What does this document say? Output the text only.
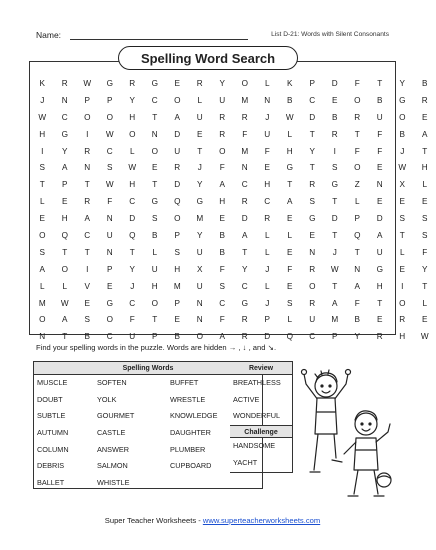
Name:	List D-21: Words with Silent Consonants
Spelling Word Search
K	R	W	G	R	G	E	R	Y	O	L	K	P	D	F	T	Y	B
J	N	P	P	Y	C	O	L	U	M	N	B	C	E	O	B	G	R
W	C	O	O	H	T	A	U	R	R	J	W	D	B	R	U	O	E
H	G	I	W	O	N	D	E	R	F	U	L	T	R	T	F	B	A
I	Y	R	C	L	O	U	T	O	M	F	H	Y	I	F	F	J	T
S	A	N	S	W	E	R	J	F	N	E	G	T	S	O	E	W	H
T	P	T	W	H	T	D	Y	A	C	H	T	R	G	Z	N	X	L
L	E	R	F	C	G	Q	G	H	R	C	A	S	T	L	E	E	E
E	H	A	N	D	S	O	M	E	D	R	E	G	D	P	D	S	S
O	Q	C	U	Q	B	P	Y	B	A	L	L	E	T	Q	A	T	S
S	T	T	N	T	L	S	U	B	T	L	E	N	J	T	U	L	F
A	O	I	P	Y	U	H	X	F	Y	J	F	R	W	N	G	E	Y
L	L	V	E	J	H	M	U	S	C	L	E	O	T	A	H	I	T
M	W	E	G	C	O	P	N	C	G	J	S	R	A	F	T	O	L
O	A	S	O	F	T	E	N	F	R	P	L	U	M	B	E	R	E
N	T	B	C	U	P	B	O	A	R	D	Q	C	P	Y	R	H	W
Find your spelling words in the puzzle. Words are hidden → , ↓ , and ↘.
Spelling Words
MUSCLE
DOUBT
SUBTLE
AUTUMN
COLUMN
DEBRIS
BALLET
SOFTEN
YOLK
GOURMET
CASTLE
ANSWER
SALMON
WHISTLE
BUFFET
WRESTLE
KNOWLEDGE
DAUGHTER
PLUMBER
CUPBOARD
Review
BREATHLESS
ACTIVE
WONDERFUL
Challenge
HANDSOME
YACHT
Super Teacher Worksheets - www.superteacherworksheets.com
